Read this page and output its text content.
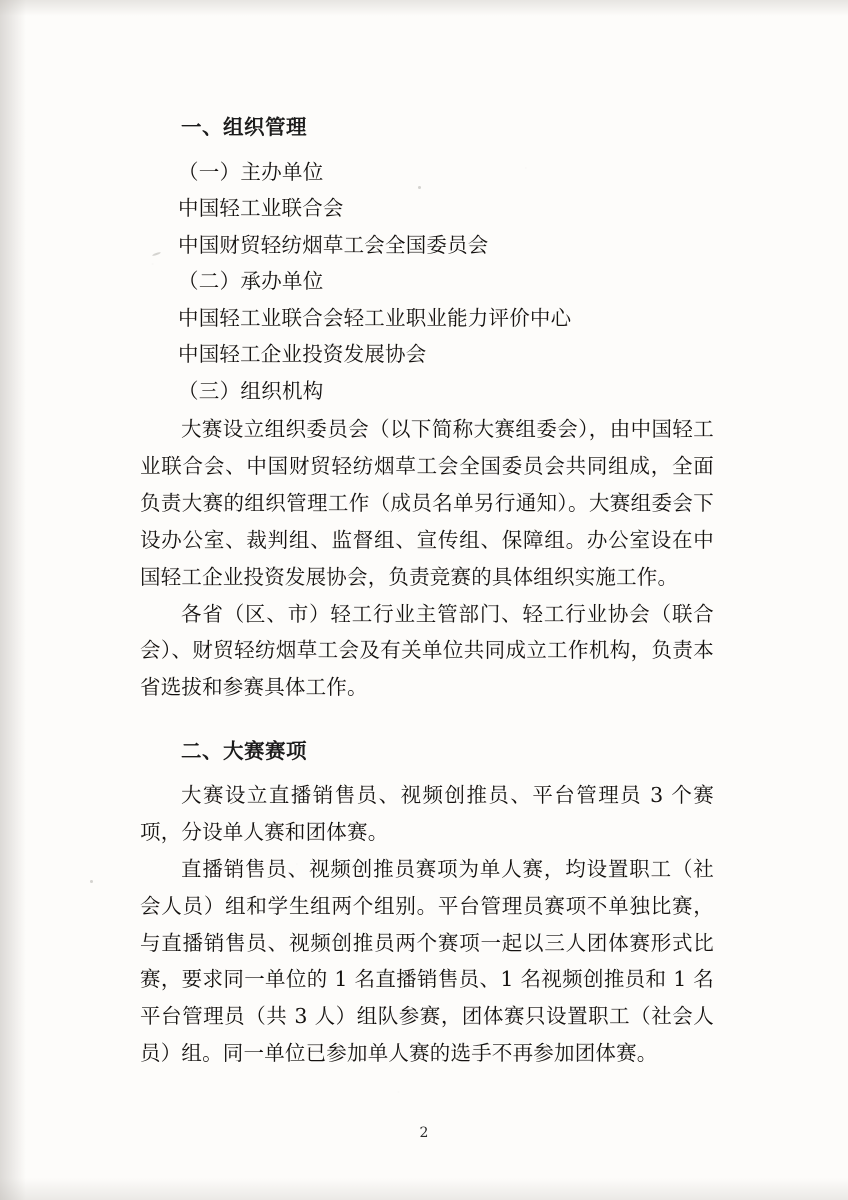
一、组织管理

（一）主办单位

中国轻工业联合会

中国财贸轻纺烟草工会全国委员会

（二）承办单位

中国轻工业联合会轻工业职业能力评价中心

中国轻工企业投资发展协会

（三）组织机构

大赛设立组织委员会（以下简称大赛组委会），由中国轻工业联合会、中国财贸轻纺烟草工会全国委员会共同组成，全面负责大赛的组织管理工作（成员名单另行通知）。大赛组委会下设办公室、裁判组、监督组、宣传组、保障组。办公室设在中国轻工企业投资发展协会，负责竞赛的具体组织实施工作。

各省（区、市）轻工行业主管部门、轻工行业协会（联合会）、财贸轻纺烟草工会及有关单位共同成立工作机构，负责本省选拔和参赛具体工作。

二、大赛赛项

大赛设立直播销售员、视频创推员、平台管理员 3 个赛项，分设单人赛和团体赛。

直播销售员、视频创推员赛项为单人赛，均设置职工（社会人员）组和学生组两个组别。平台管理员赛项不单独比赛，与直播销售员、视频创推员两个赛项一起以三人团体赛形式比赛，要求同一单位的 1 名直播销售员、1 名视频创推员和 1 名平台管理员（共 3 人）组队参赛，团体赛只设置职工（社会人员）组。同一单位已参加单人赛的选手不再参加团体赛。

2
